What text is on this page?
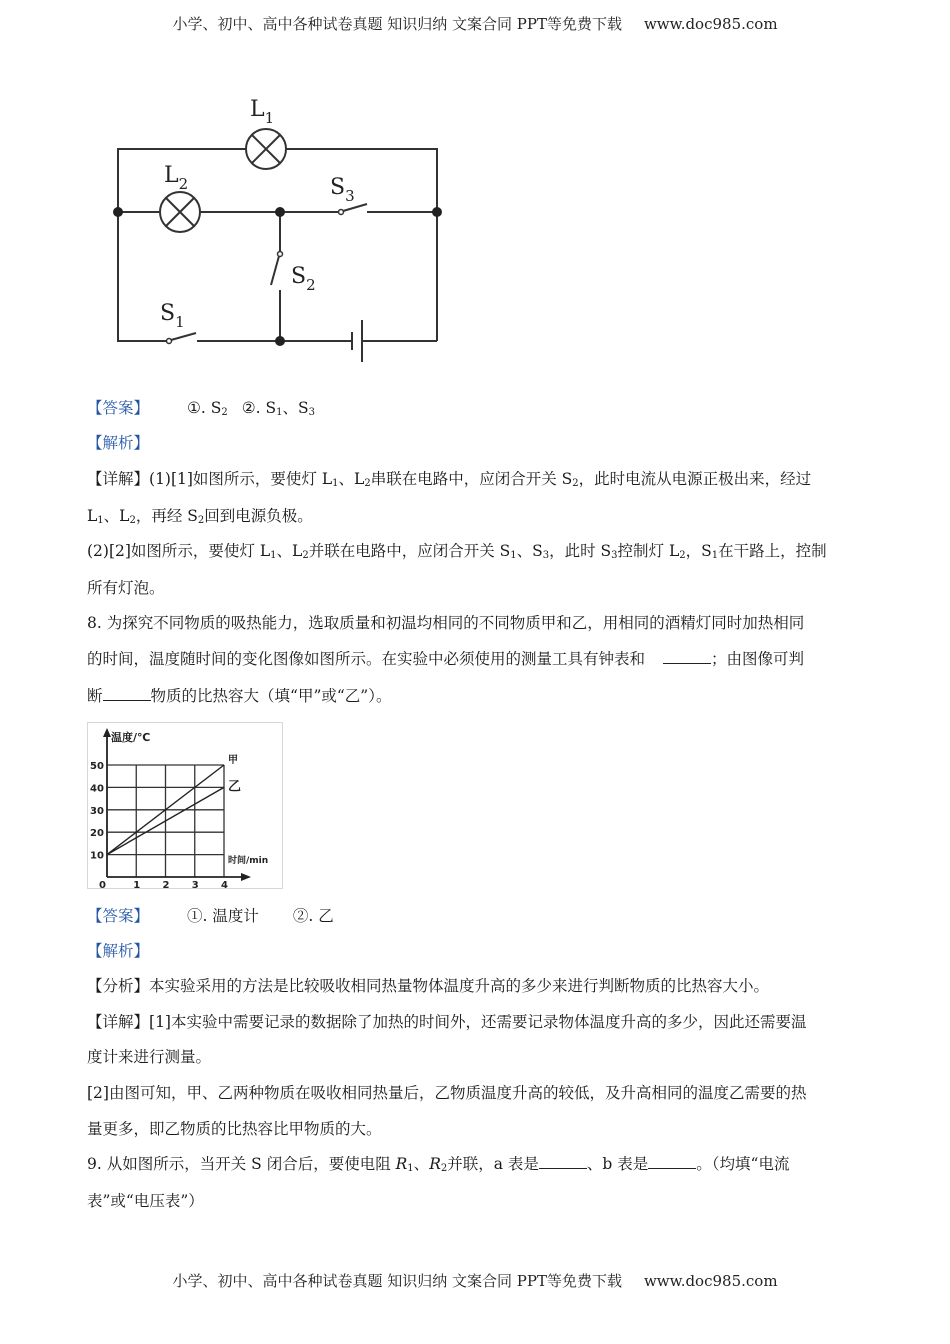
小学、初中、高中各种试卷真题 知识归纳 文案合同 PPT等免费下载 www.doc985.com
$L_1$
$L_2$	$S_3$
$S_2$
$S_1$
【答案】 ①. $S_2$ ②. $S_1$、$S_3$
【解析】
【详解】(1)[1]如图所示，要使灯 $L_1$、$L_2$串联在电路中，应闭合开关 $S_2$，此时电流从电源正极出来，经过
$L_1$、$L_2$，再经 $S_2$回到电源负极。
(2)[2]如图所示，要使灯 $L_1$、$L_2$并联在电路中，应闭合开关 $S_1$、$S_3$，此时 $S_3$控制灯 $L_2$，$S_1$在干路上，控制
所有灯泡。
8. 为探究不同物质的吸热能力，选取质量和初温均相同的不同物质甲和乙，用相同的酒精灯同时加热相同
的时间，温度随时间的变化图像如图所示。在实验中必须使用的测量工具有钟表和	；由图像可判
断	物质的比热容大（填“甲”或“乙”）。
甲
乙
10
20
30
40
50
0	1 2 3 4
温度/℃
时间/min
【答案】 ①. 温度计 ②. 乙
【解析】
【分析】本实验采用的方法是比较吸收相同热量物体温度升高的多少来进行判断物质的比热容大小。
【详解】[1]本实验中需要记录的数据除了加热的时间外，还需要记录物体温度升高的多少，因此还需要温
度计来进行测量。
[2]由图可知，甲、乙两种物质在吸收相同热量后，乙物质温度升高的较低，及升高相同的温度乙需要的热
量更多，即乙物质的比热容比甲物质的大。
9. 从如图所示，当开关 S 闭合后，要使电阻 $R_1$、$R_2$并联，a 表是	、b 表是	。（均填“电流
表”或“电压表”）
小学、初中、高中各种试卷真题 知识归纳 文案合同 PPT等免费下载 www.doc985.com
